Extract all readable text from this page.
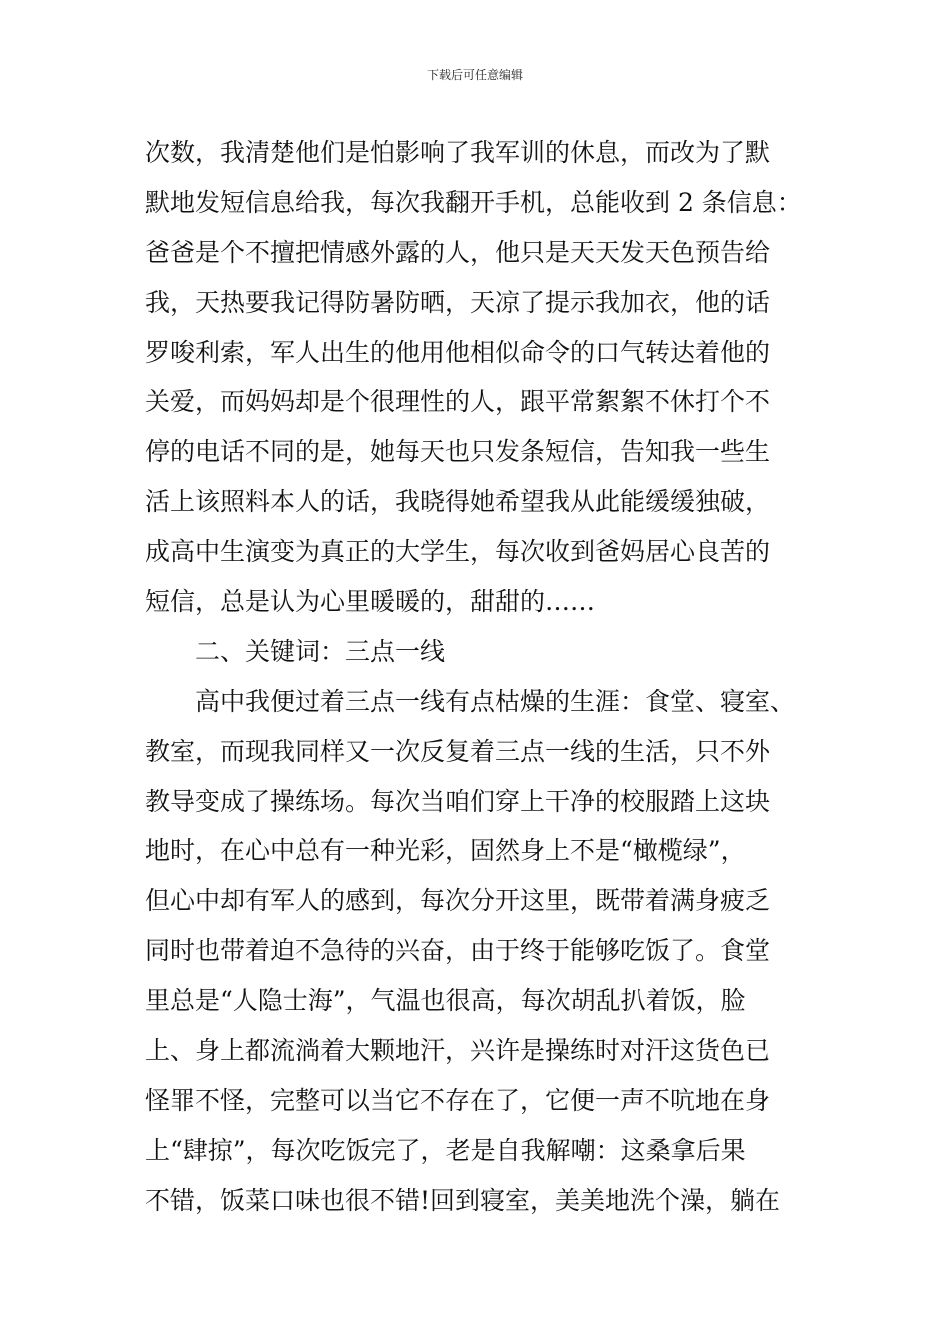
下载后可任意编辑
次数，我清楚他们是怕影响了我军训的休息，而改为了默
默地发短信息给我，每次我翻开手机，总能收到 2 条信息：
爸爸是个不擅把情感外露的人，他只是天天发天色预告给
我，天热要我记得防暑防晒，天凉了提示我加衣，他的话
罗唆利索，军人出生的他用他相似命令的口气转达着他的
关爱，而妈妈却是个很理性的人，跟平常絮絮不休打个不
停的电话不同的是，她每天也只发条短信，告知我一些生
活上该照料本人的话，我晓得她希望我从此能缓缓独破，
成高中生演变为真正的大学生，每次收到爸妈居心良苦的
短信，总是认为心里暖暖的，甜甜的……
　　二、关键词：三点一线
　　高中我便过着三点一线有点枯燥的生涯：食堂、寝室、
教室，而现我同样又一次反复着三点一线的生活，只不外
教导变成了操练场。每次当咱们穿上干净的校服踏上这块
地时，在心中总有一种光彩，固然身上不是“橄榄绿”，
但心中却有军人的感到，每次分开这里，既带着满身疲乏
同时也带着迫不急待的兴奋，由于终于能够吃饭了。食堂
里总是“人隐士海”，气温也很高，每次胡乱扒着饭，脸
上、身上都流淌着大颗地汗，兴许是操练时对汗这货色已
怪罪不怪，完整可以当它不存在了，它便一声不吭地在身
上“肆掠”，每次吃饭完了，老是自我解嘲：这桑拿后果
不错，饭菜口味也很不错!回到寝室，美美地洗个澡，躺在
